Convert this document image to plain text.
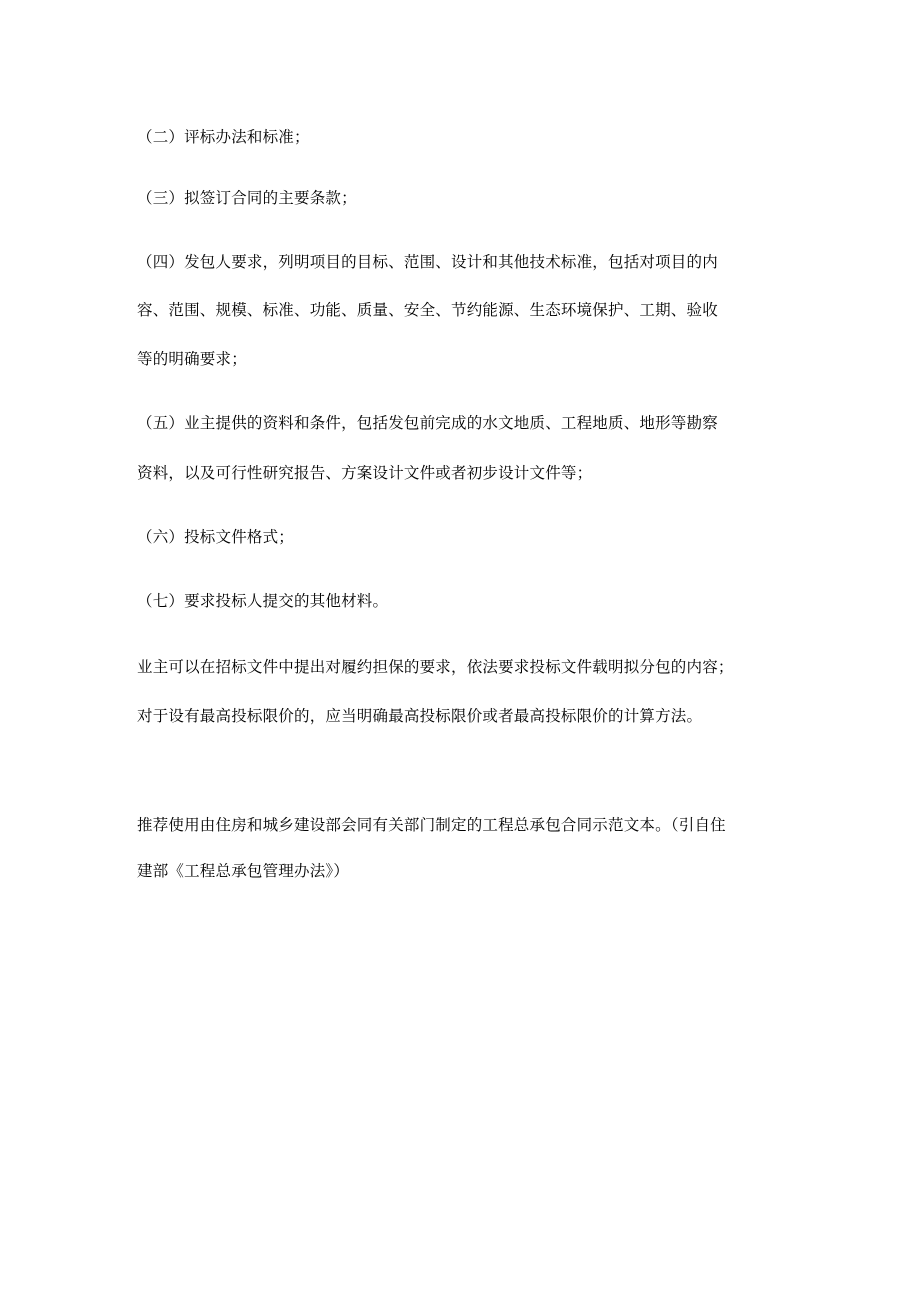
（二）评标办法和标准；
（三）拟签订合同的主要条款；
（四）发包人要求，列明项目的目标、范围、设计和其他技术标准，包括对项目的内
容、范围、规模、标准、功能、质量、安全、节约能源、生态环境保护、工期、验收
等的明确要求；
（五）业主提供的资料和条件，包括发包前完成的水文地质、工程地质、地形等勘察
资料，以及可行性研究报告、方案设计文件或者初步设计文件等；
（六）投标文件格式；
（七）要求投标人提交的其他材料。
业主可以在招标文件中提出对履约担保的要求，依法要求投标文件载明拟分包的内容；
对于设有最高投标限价的，应当明确最高投标限价或者最高投标限价的计算方法。
推荐使用由住房和城乡建设部会同有关部门制定的工程总承包合同示范文本。（引自住
建部《工程总承包管理办法》）
